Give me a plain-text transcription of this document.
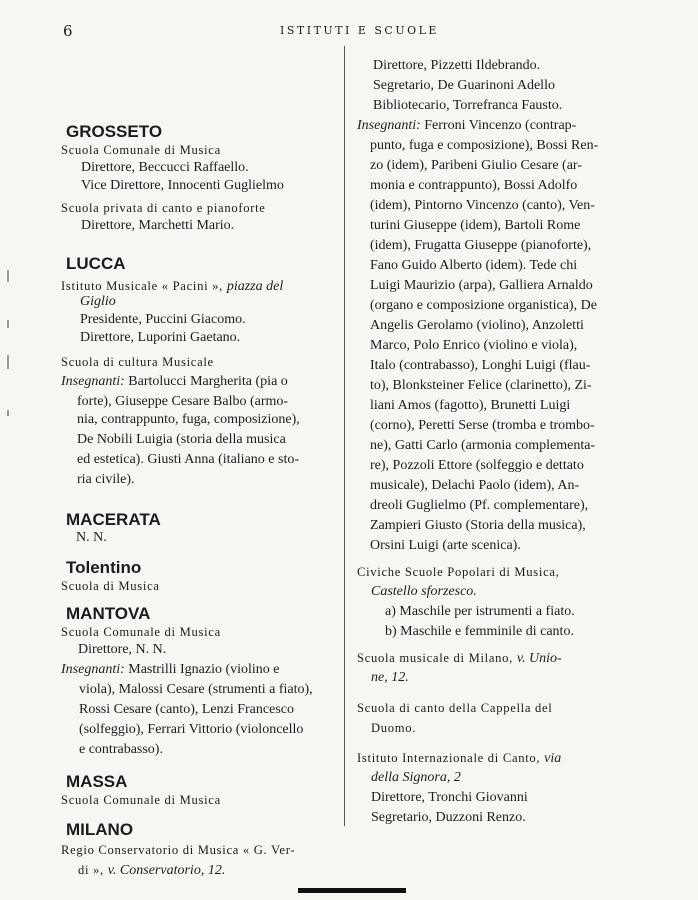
6	ISTITUTI E SCUOLE
GROSSETO
Scuola Comunale di Musica
Direttore, Beccucci Raffaello.
Vice Direttore, Innocenti Guglielmo
Scuola privata di canto e pianoforte
Direttore, Marchetti Mario.
LUCCA
Istituto Musicale « Pacini », piazza del
Giglio
Presidente, Puccini Giacomo.
Direttore, Luporini Gaetano.
Scuola di cultura Musicale
Insegnanti: Bartolucci Margherita (pia o
forte), Giuseppe Cesare Balbo (armo-
nia, contrappunto, fuga, composizione),
De Nobili Luigia (storia della musica
ed estetica). Giusti Anna (italiano e sto-
ria civile).
MACERATA
N. N.
Tolentino
Scuola di Musica
MANTOVA
Scuola Comunale di Musica
Direttore, N. N.
Insegnanti: Mastrilli Ignazio (violino e
viola), Malossi Cesare (strumenti a fiato),
Rossi Cesare (canto), Lenzi Francesco
(solfeggio), Ferrari Vittorio (violoncello
e contrabasso).
MASSA
Scuola Comunale di Musica
MILANO
Regio Conservatorio di Musica « G. Ver-
di », v. Conservatorio, 12.
Direttore, Pizzetti Ildebrando.
Segretario, De Guarinoni Adello
Bibliotecario, Torrefranca Fausto.
Insegnanti: Ferroni Vincenzo (contrap-
punto, fuga e composizione), Bossi Ren-
zo (idem), Paribeni Giulio Cesare (ar-
monia e contrappunto), Bossi Adolfo
(idem), Pintorno Vincenzo (canto), Ven-
turini Giuseppe (idem), Bartoli Rome
(idem), Frugatta Giuseppe (pianoforte),
Fano Guido Alberto (idem). Tede chi
Luigi Maurizio (arpa), Galliera Arnaldo
(organo e composizione organistica), De
Angelis Gerolamo (violino), Anzoletti
Marco, Polo Enrico (violino e viola),
Italo (contrabasso), Longhi Luigi (flau-
to), Blonksteiner Felice (clarinetto), Zi-
liani Amos (fagotto), Brunetti Luigi
(corno), Peretti Serse (tromba e trombo-
ne), Gatti Carlo (armonia complementa-
re), Pozzoli Ettore (solfeggio e dettato
musicale), Delachi Paolo (idem), An-
dreoli Guglielmo (Pf. complementare),
Zampieri Giusto (Storia della musica),
Orsini Luigi (arte scenica).
Civiche Scuole Popolari di Musica,
Castello sforzesco.
a) Maschile per istrumenti a fiato.
b) Maschile e femminile di canto.
Scuola musicale di Milano, v. Unio-
ne, 12.
Scuola di canto della Cappella del
Duomo.
Istituto Internazionale di Canto, via
della Signora, 2
Direttore, Tronchi Giovanni
Segretario, Duzzoni Renzo.
